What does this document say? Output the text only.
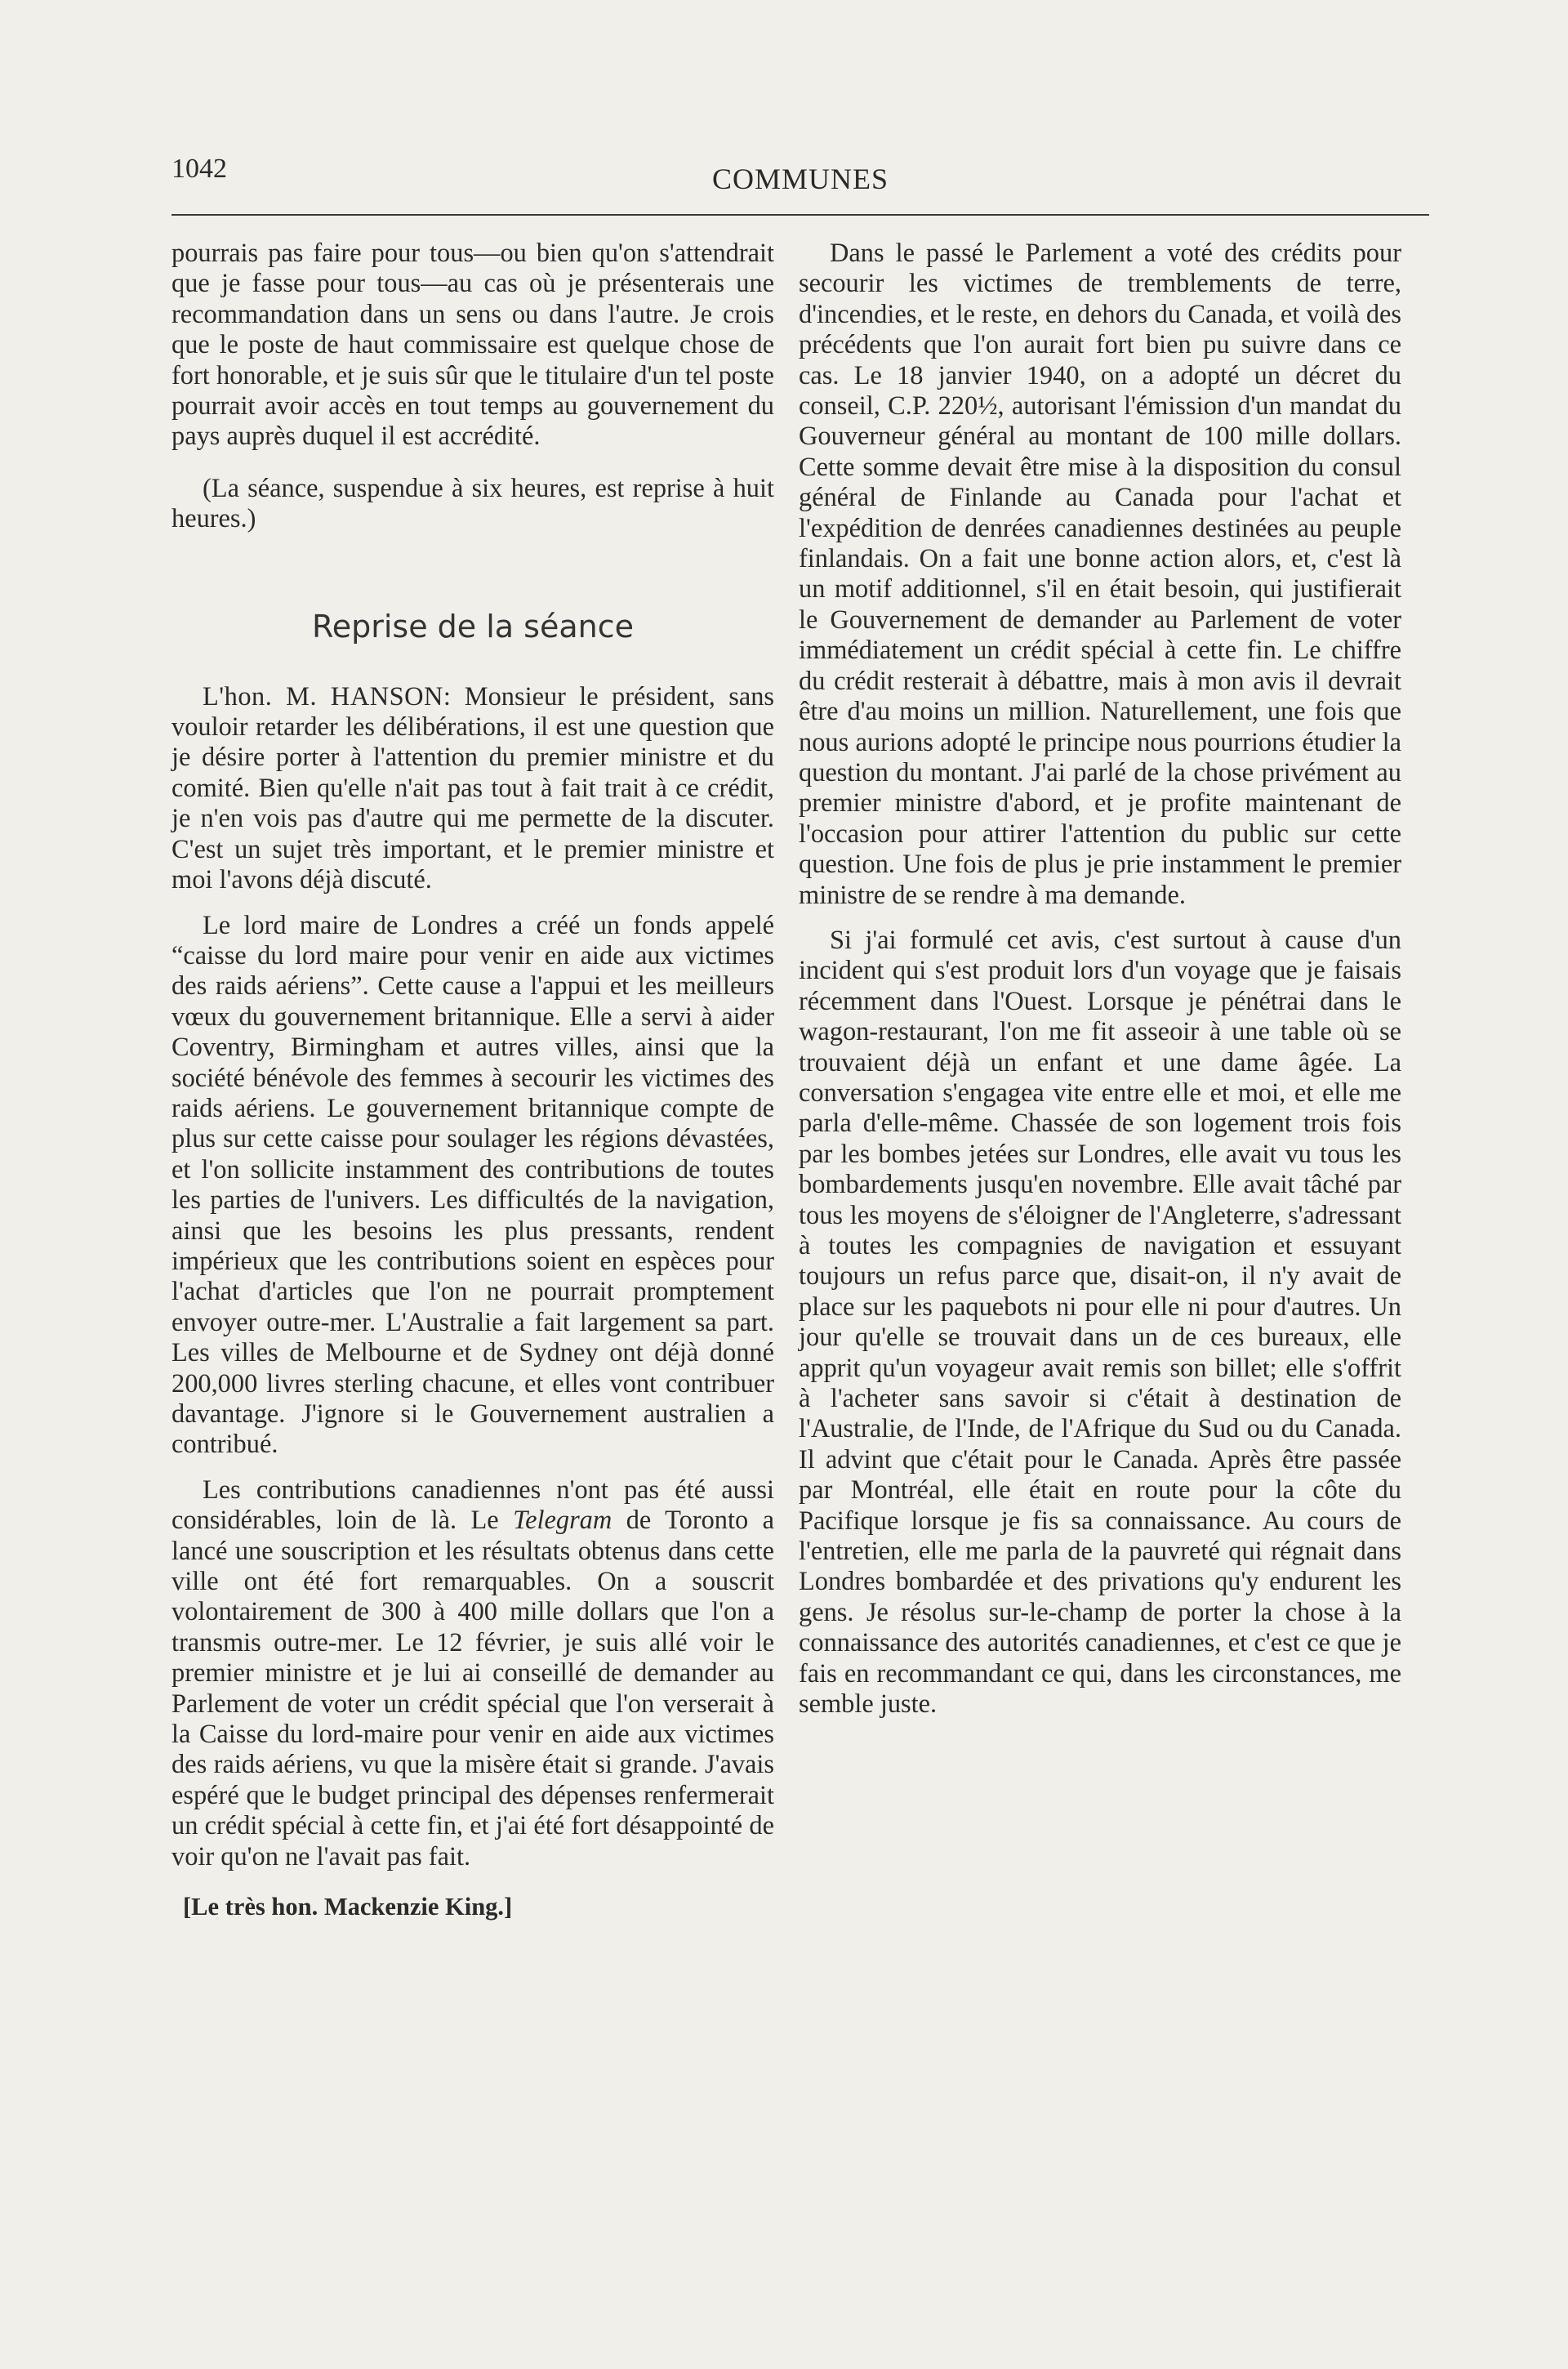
1042	COMMUNES

pourrais pas faire pour tous—ou bien qu'on s'attendrait que je fasse pour tous—au cas où je présenterais une recommandation dans un sens ou dans l'autre. Je crois que le poste de haut commissaire est quelque chose de fort honorable, et je suis sûr que le titulaire d'un tel poste pourrait avoir accès en tout temps au gouvernement du pays auprès duquel il est accrédité.

(La séance, suspendue à six heures, est reprise à huit heures.)

Reprise de la séance

L'hon. M. HANSON: Monsieur le président, sans vouloir retarder les délibérations, il est une question que je désire porter à l'attention du premier ministre et du comité. Bien qu'elle n'ait pas tout à fait trait à ce crédit, je n'en vois pas d'autre qui me permette de la discuter. C'est un sujet très important, et le premier ministre et moi l'avons déjà discuté.

Le lord maire de Londres a créé un fonds appelé “caisse du lord maire pour venir en aide aux victimes des raids aériens”. Cette cause a l'appui et les meilleurs vœux du gouvernement britannique. Elle a servi à aider Coventry, Birmingham et autres villes, ainsi que la société bénévole des femmes à secourir les victimes des raids aériens. Le gouvernement britannique compte de plus sur cette caisse pour soulager les régions dévastées, et l'on sollicite instamment des contributions de toutes les parties de l'univers. Les difficultés de la navigation, ainsi que les besoins les plus pressants, rendent impérieux que les contributions soient en espèces pour l'achat d'articles que l'on ne pourrait promptement envoyer outre-mer. L'Australie a fait largement sa part. Les villes de Melbourne et de Sydney ont déjà donné 200,000 livres sterling chacune, et elles vont contribuer davantage. J'ignore si le Gouvernement australien a contribué.

Les contributions canadiennes n'ont pas été aussi considérables, loin de là. Le Telegram de Toronto a lancé une souscription et les résultats obtenus dans cette ville ont été fort remarquables. On a souscrit volontairement de 300 à 400 mille dollars que l'on a transmis outre-mer. Le 12 février, je suis allé voir le premier ministre et je lui ai conseillé de demander au Parlement de voter un crédit spécial que l'on verserait à la Caisse du lord-maire pour venir en aide aux victimes des raids aériens, vu que la misère était si grande. J'avais espéré que le budget principal des dépenses renfermerait un crédit spécial à cette fin, et j'ai été fort désappointé de voir qu'on ne l'avait pas fait.

[Le très hon. Mackenzie King.]

Dans le passé le Parlement a voté des crédits pour secourir les victimes de tremblements de terre, d'incendies, et le reste, en dehors du Canada, et voilà des précédents que l'on aurait fort bien pu suivre dans ce cas. Le 18 janvier 1940, on a adopté un décret du conseil, C.P. 220½, autorisant l'émission d'un mandat du Gouverneur général au montant de 100 mille dollars. Cette somme devait être mise à la disposition du consul général de Finlande au Canada pour l'achat et l'expédition de denrées canadiennes destinées au peuple finlandais. On a fait une bonne action alors, et, c'est là un motif additionnel, s'il en était besoin, qui justifierait le Gouvernement de demander au Parlement de voter immédiatement un crédit spécial à cette fin. Le chiffre du crédit resterait à débattre, mais à mon avis il devrait être d'au moins un million. Naturellement, une fois que nous aurions adopté le principe nous pourrions étudier la question du montant. J'ai parlé de la chose privément au premier ministre d'abord, et je profite maintenant de l'occasion pour attirer l'attention du public sur cette question. Une fois de plus je prie instamment le premier ministre de se rendre à ma demande.

Si j'ai formulé cet avis, c'est surtout à cause d'un incident qui s'est produit lors d'un voyage que je faisais récemment dans l'Ouest. Lorsque je pénétrai dans le wagon-restaurant, l'on me fit asseoir à une table où se trouvaient déjà un enfant et une dame âgée. La conversation s'engagea vite entre elle et moi, et elle me parla d'elle-même. Chassée de son logement trois fois par les bombes jetées sur Londres, elle avait vu tous les bombardements jusqu'en novembre. Elle avait tâché par tous les moyens de s'éloigner de l'Angleterre, s'adressant à toutes les compagnies de navigation et essuyant toujours un refus parce que, disait-on, il n'y avait de place sur les paquebots ni pour elle ni pour d'autres. Un jour qu'elle se trouvait dans un de ces bureaux, elle apprit qu'un voyageur avait remis son billet; elle s'offrit à l'acheter sans savoir si c'était à destination de l'Australie, de l'Inde, de l'Afrique du Sud ou du Canada. Il advint que c'était pour le Canada. Après être passée par Montréal, elle était en route pour la côte du Pacifique lorsque je fis sa connaissance. Au cours de l'entretien, elle me parla de la pauvreté qui régnait dans Londres bombardée et des privations qu'y endurent les gens. Je résolus sur-le-champ de porter la chose à la connaissance des autorités canadiennes, et c'est ce que je fais en recommandant ce qui, dans les circonstances, me semble juste.
